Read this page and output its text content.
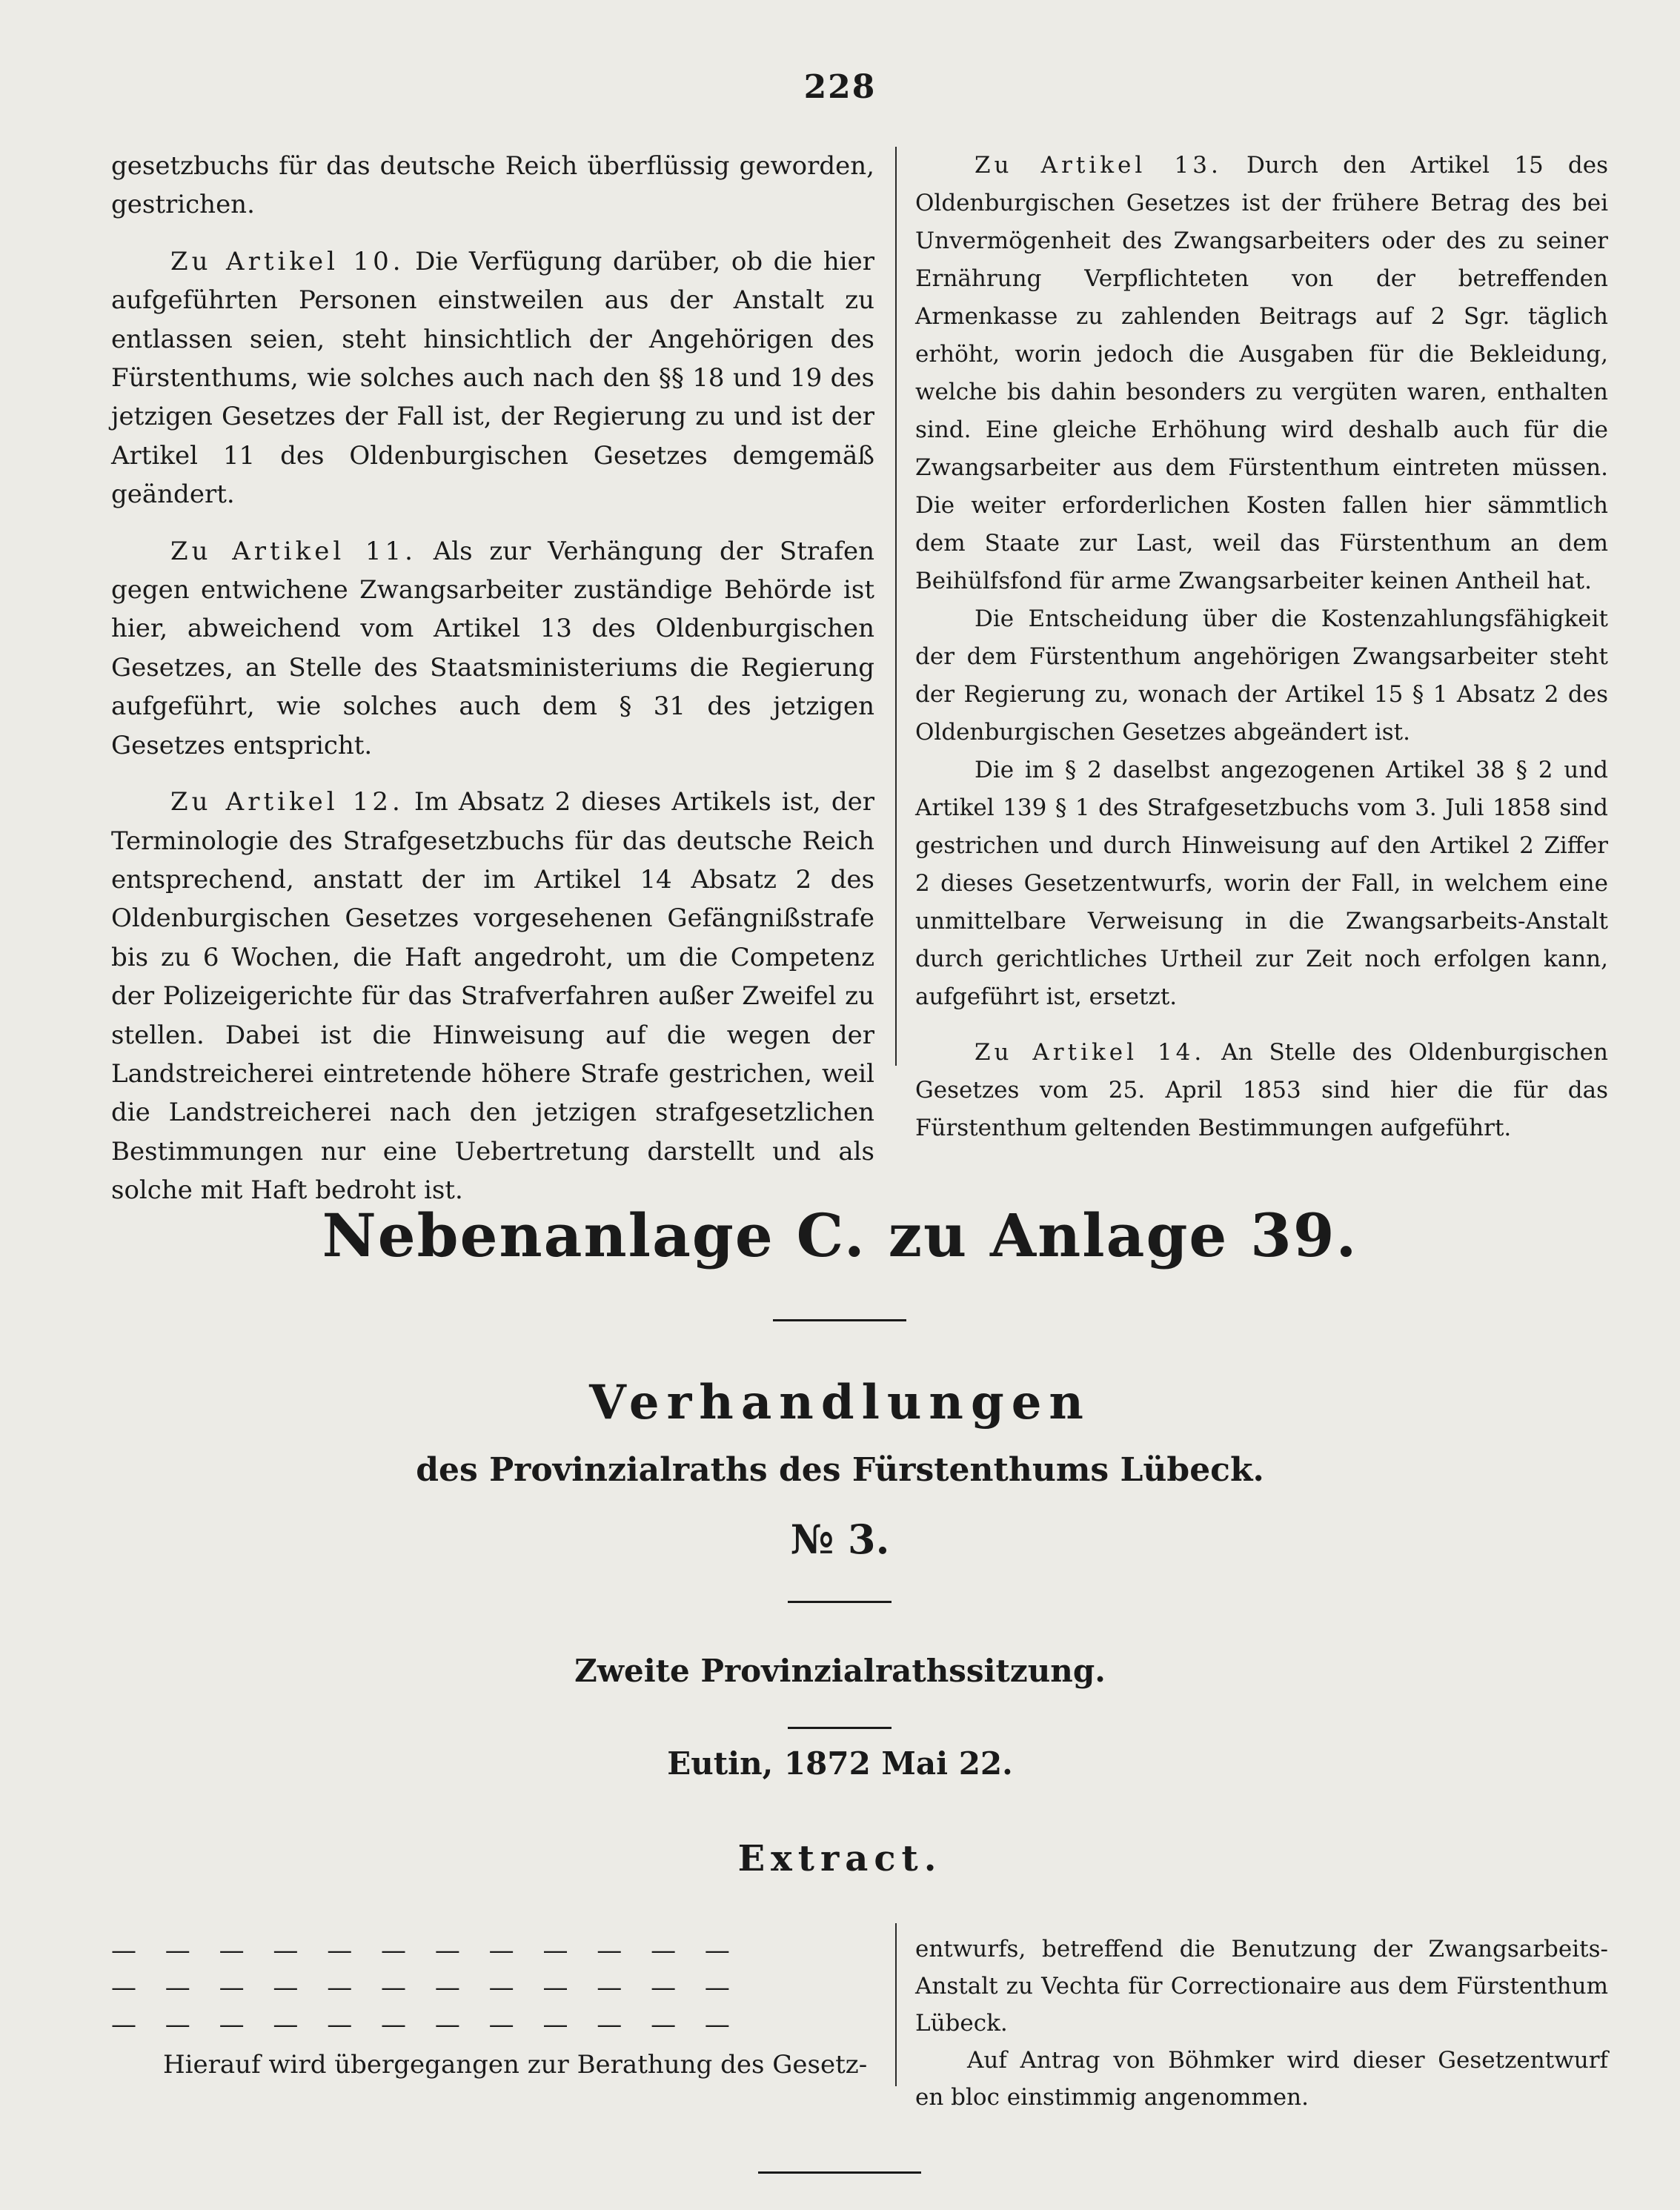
228

gesetzbuchs für das deutsche Reich überflüssig geworden, gestrichen.

Zu Artikel 10. Die Verfügung darüber, ob die hier aufgeführten Personen einstweilen aus der Anstalt zu entlassen seien, steht hinsichtlich der Angehörigen des Fürstenthums, wie solches auch nach den §§ 18 und 19 des jetzigen Gesetzes der Fall ist, der Regierung zu und ist der Artikel 11 des Oldenburgischen Gesetzes demgemäß geändert.

Zu Artikel 11. Als zur Verhängung der Strafen gegen entwichene Zwangsarbeiter zuständige Behörde ist hier, abweichend vom Artikel 13 des Oldenburgischen Gesetzes, an Stelle des Staatsministeriums die Regierung aufgeführt, wie solches auch dem § 31 des jetzigen Gesetzes entspricht.

Zu Artikel 12. Im Absatz 2 dieses Artikels ist, der Terminologie des Strafgesetzbuchs für das deutsche Reich entsprechend, anstatt der im Artikel 14 Absatz 2 des Oldenburgischen Gesetzes vorgesehenen Gefängnißstrafe bis zu 6 Wochen, die Haft angedroht, um die Competenz der Polizeigerichte für das Strafverfahren außer Zweifel zu stellen. Dabei ist die Hinweisung auf die wegen der Landstreicherei eintretende höhere Strafe gestrichen, weil die Landstreicherei nach den jetzigen strafgesetzlichen Bestimmungen nur eine Uebertretung darstellt und als solche mit Haft bedroht ist.

Zu Artikel 13. Durch den Artikel 15 des Oldenburgischen Gesetzes ist der frühere Betrag des bei Unvermögenheit des Zwangsarbeiters oder des zu seiner Ernährung Verpflichteten von der betreffenden Armenkasse zu zahlenden Beitrags auf 2 Sgr. täglich erhöht, worin jedoch die Ausgaben für die Bekleidung, welche bis dahin besonders zu vergüten waren, enthalten sind. Eine gleiche Erhöhung wird deshalb auch für die Zwangsarbeiter aus dem Fürstenthum eintreten müssen. Die weiter erforderlichen Kosten fallen hier sämmtlich dem Staate zur Last, weil das Fürstenthum an dem Beihülfsfond für arme Zwangsarbeiter keinen Antheil hat.

Die Entscheidung über die Kostenzahlungsfähigkeit der dem Fürstenthum angehörigen Zwangsarbeiter steht der Regierung zu, wonach der Artikel 15 § 1 Absatz 2 des Oldenburgischen Gesetzes abgeändert ist.

Die im § 2 daselbst angezogenen Artikel 38 § 2 und Artikel 139 § 1 des Strafgesetzbuchs vom 3. Juli 1858 sind gestrichen und durch Hinweisung auf den Artikel 2 Ziffer 2 dieses Gesetzentwurfs, worin der Fall, in welchem eine unmittelbare Verweisung in die Zwangsarbeits-Anstalt durch gerichtliches Urtheil zur Zeit noch erfolgen kann, aufgeführt ist, ersetzt.

Zu Artikel 14. An Stelle des Oldenburgischen Gesetzes vom 25. April 1853 sind hier die für das Fürstenthum geltenden Bestimmungen aufgeführt.

Nebenanlage C. zu Anlage 39.
Verhandlungen
des Provinzialraths des Fürstenthums Lübeck.
№ 3.
Zweite Provinzialrathssitzung.
Eutin, 1872 Mai 22.
Extract.
— — — — — — — — — — — —
— — — — — — — — — — — —
— — — — — — — — — — — —
Hierauf wird übergegangen zur Berathung des Gesetz-

entwurfs, betreffend die Benutzung der Zwangsarbeits-Anstalt zu Vechta für Correctionaire aus dem Fürstenthum Lübeck.

Auf Antrag von Böhmker wird dieser Gesetzentwurf en bloc einstimmig angenommen.
